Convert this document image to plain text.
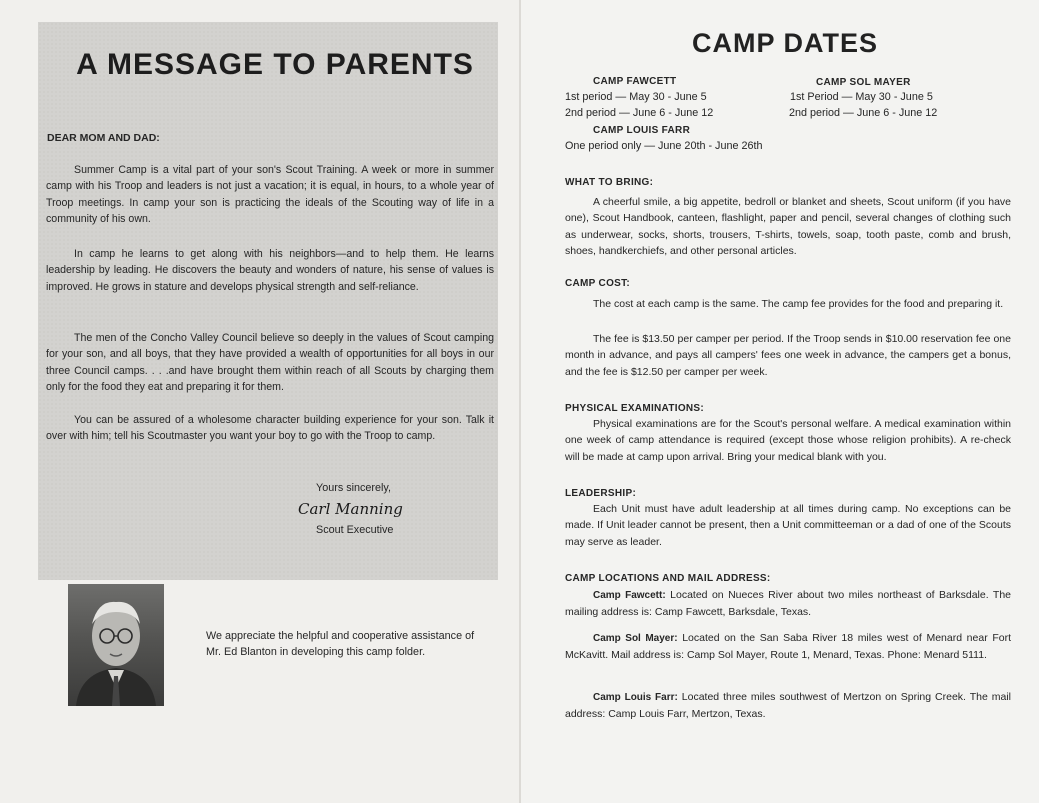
A MESSAGE TO PARENTS
DEAR MOM AND DAD:
Summer Camp is a vital part of your son's Scout Training. A week or more in summer camp with his Troop and leaders is not just a vacation; it is equal, in hours, to a whole year of Troop meetings. In camp your son is practicing the ideals of the Scouting way of life in a community of his own.
In camp he learns to get along with his neighbors—and to help them. He learns leadership by leading. He discovers the beauty and wonders of nature, his sense of values is improved. He grows in stature and develops physical strength and self-reliance.
The men of the Concho Valley Council believe so deeply in the values of Scout camping for your son, and all boys, that they have provided a wealth of opportunities for all boys in our three Council camps. . . .and have brought them within reach of all Scouts by charging them only for the food they eat and preparing it for them.
You can be assured of a wholesome character building experience for your son. Talk it over with him; tell his Scoutmaster you want your boy to go with the Troop to camp.
Yours sincerely,
Carl Manning
Scout Executive
We appreciate the helpful and cooperative assistance of Mr. Ed Blanton in developing this camp folder.
CAMP DATES
CAMP FAWCETT
1st period — May 30 - June 5
2nd period — June 6 - June 12
CAMP SOL MAYER
1st Period — May 30 - June 5
2nd period — June 6 - June 12
CAMP LOUIS FARR
One period only — June 20th - June 26th
WHAT TO BRING:
A cheerful smile, a big appetite, bedroll or blanket and sheets, Scout uniform (if you have one), Scout Handbook, canteen, flashlight, paper and pencil, several changes of clothing such as underwear, socks, shorts, trousers, T-shirts, towels, soap, tooth paste, comb and brush, shoes, handkerchiefs, and other personal articles.
CAMP COST:
The cost at each camp is the same. The camp fee provides for the food and preparing it.
The fee is $13.50 per camper per period. If the Troop sends in $10.00 reservation fee one month in advance, and pays all campers' fees one week in advance, the campers get a bonus, and the fee is $12.50 per camper per week.
PHYSICAL EXAMINATIONS:
Physical examinations are for the Scout's personal welfare. A medical examination within one week of camp attendance is required (except those whose religion prohibits). A re-check will be made at camp upon arrival. Bring your medical blank with you.
LEADERSHIP:
Each Unit must have adult leadership at all times during camp. No exceptions can be made. If Unit leader cannot be present, then a Unit committeeman or a dad of one of the Scouts may serve as leader.
CAMP LOCATIONS AND MAIL ADDRESS:
Camp Fawcett: Located on Nueces River about two miles northeast of Barksdale. The mailing address is: Camp Fawcett, Barksdale, Texas.
Camp Sol Mayer: Located on the San Saba River 18 miles west of Menard near Fort McKavitt. Mail address is: Camp Sol Mayer, Route 1, Menard, Texas. Phone: Menard 5111.
Camp Louis Farr: Located three miles southwest of Mertzon on Spring Creek. The mail address: Camp Louis Farr, Mertzon, Texas.
